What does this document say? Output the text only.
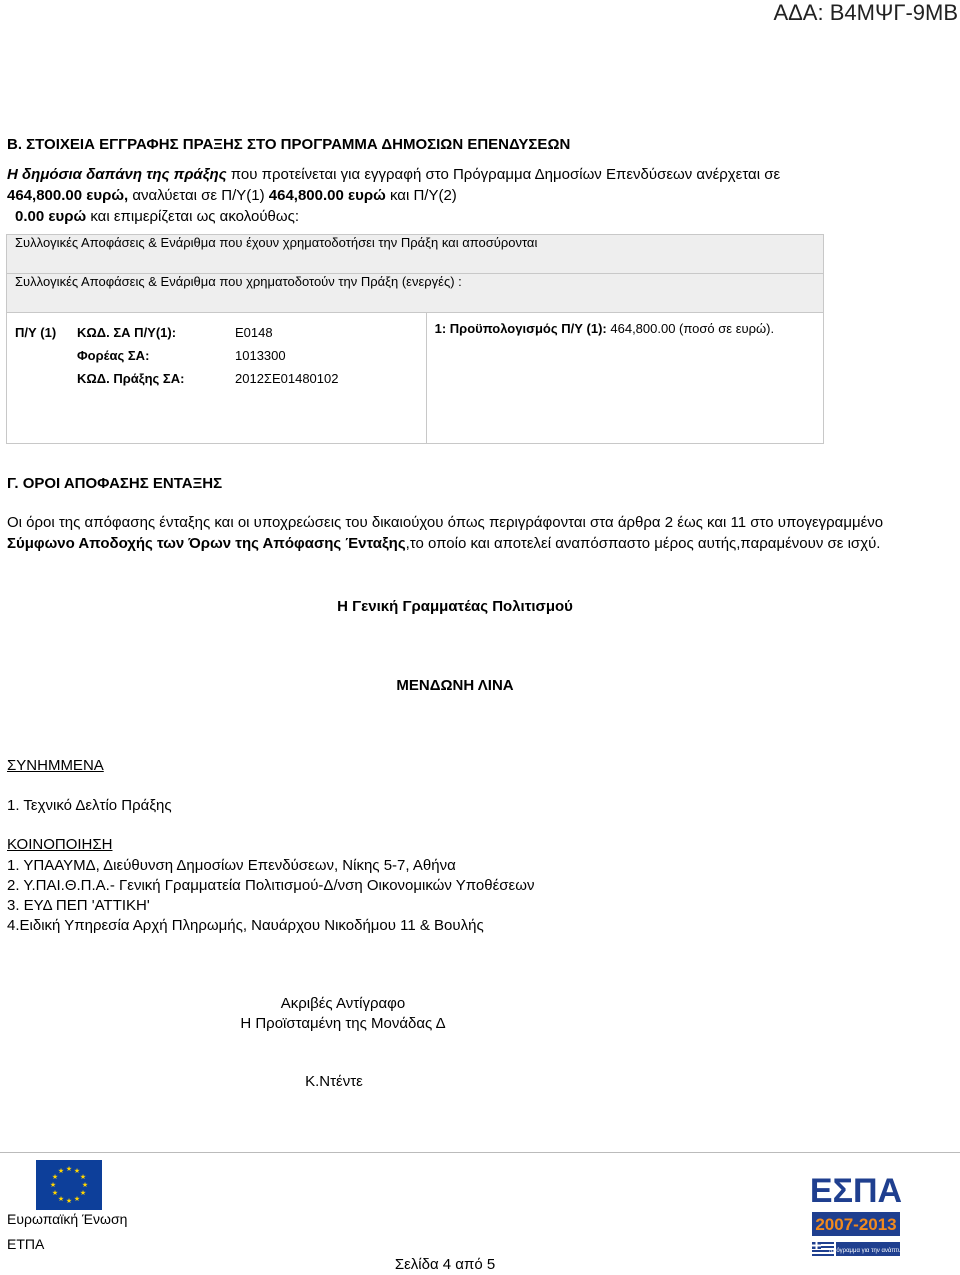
ΑΔΑ: Β4ΜΨΓ-9ΜΒ
Β. ΣΤΟΙΧΕΙΑ ΕΓΓΡΑΦΗΣ ΠΡΑΞΗΣ ΣΤΟ ΠΡΟΓΡΑΜΜΑ ΔΗΜΟΣΙΩΝ ΕΠΕΝΔΥΣΕΩΝ
Η δημόσια δαπάνη της πράξης που προτείνεται για εγγραφή στο Πρόγραμμα Δημοσίων Επενδύσεων ανέρχεται σε 464,800.00 ευρώ, αναλύεται σε Π/Υ(1) 464,800.00 ευρώ και Π/Υ(2)
0.00 ευρώ και επιμερίζεται ως ακολούθως:
Συλλογικές Αποφάσεις & Ενάριθμα που έχουν χρηματοδοτήσει την Πράξη και αποσύρονται
Συλλογικές Αποφάσεις & Ενάριθμα που χρηματοδοτούν την Πράξη (ενεργές) :

Π/Υ (1) ΚΩΔ. ΣΑ Π/Υ(1):	Ε0148
Φορέας ΣΑ:	1013300
ΚΩΔ. Πράξης ΣΑ:	2012ΣΕ01480102
	1: Προϋπολογισμός Π/Υ (1): 464,800.00 (ποσό σε ευρώ).
Γ. ΟΡΟΙ ΑΠΟΦΑΣΗΣ ΕΝΤΑΞΗΣ
Οι όροι της απόφασης ένταξης και οι υποχρεώσεις του δικαιούχου όπως περιγράφονται στα άρθρα 2 έως και 11 στο υπογεγραμμένο Σύμφωνο Αποδοχής των Όρων της Απόφασης Ένταξης,το οποίο και αποτελεί αναπόσπαστο μέρος αυτής,παραμένουν σε ισχύ.
Η Γενική Γραμματέας Πολιτισμού
ΜΕΝΔΩΝΗ ΛΙΝΑ
ΣΥΝΗΜΜΕΝΑ
1. Τεχνικό Δελτίο Πράξης
ΚΟΙΝΟΠΟΙΗΣΗ
1. ΥΠΑΑΥΜΔ, Διεύθυνση Δημοσίων Επενδύσεων, Νίκης 5-7, Αθήνα
2. Υ.ΠΑΙ.Θ.Π.Α.- Γενική Γραμματεία Πολιτισμού-Δ/νση Οικονομικών Υποθέσεων
3. ΕΥΔ ΠΕΠ 'ΑΤΤΙΚΗ'
4.Ειδική Υπηρεσία Αρχή Πληρωμής, Ναυάρχου Νικοδήμου 11 & Βουλής
Ακριβές Αντίγραφο
Η Προϊσταμένη της Μονάδας Δ
Κ.Ντέντε
★ ★
★
★
★
★
★
★
★
★
★
★
Ευρωπαϊκή Ένωση
ΕΤΠΑ
Σελίδα 4 από 5
ΕΣΠΑ
2007-2013
πρόγραμμα για την ανάπτυξη
